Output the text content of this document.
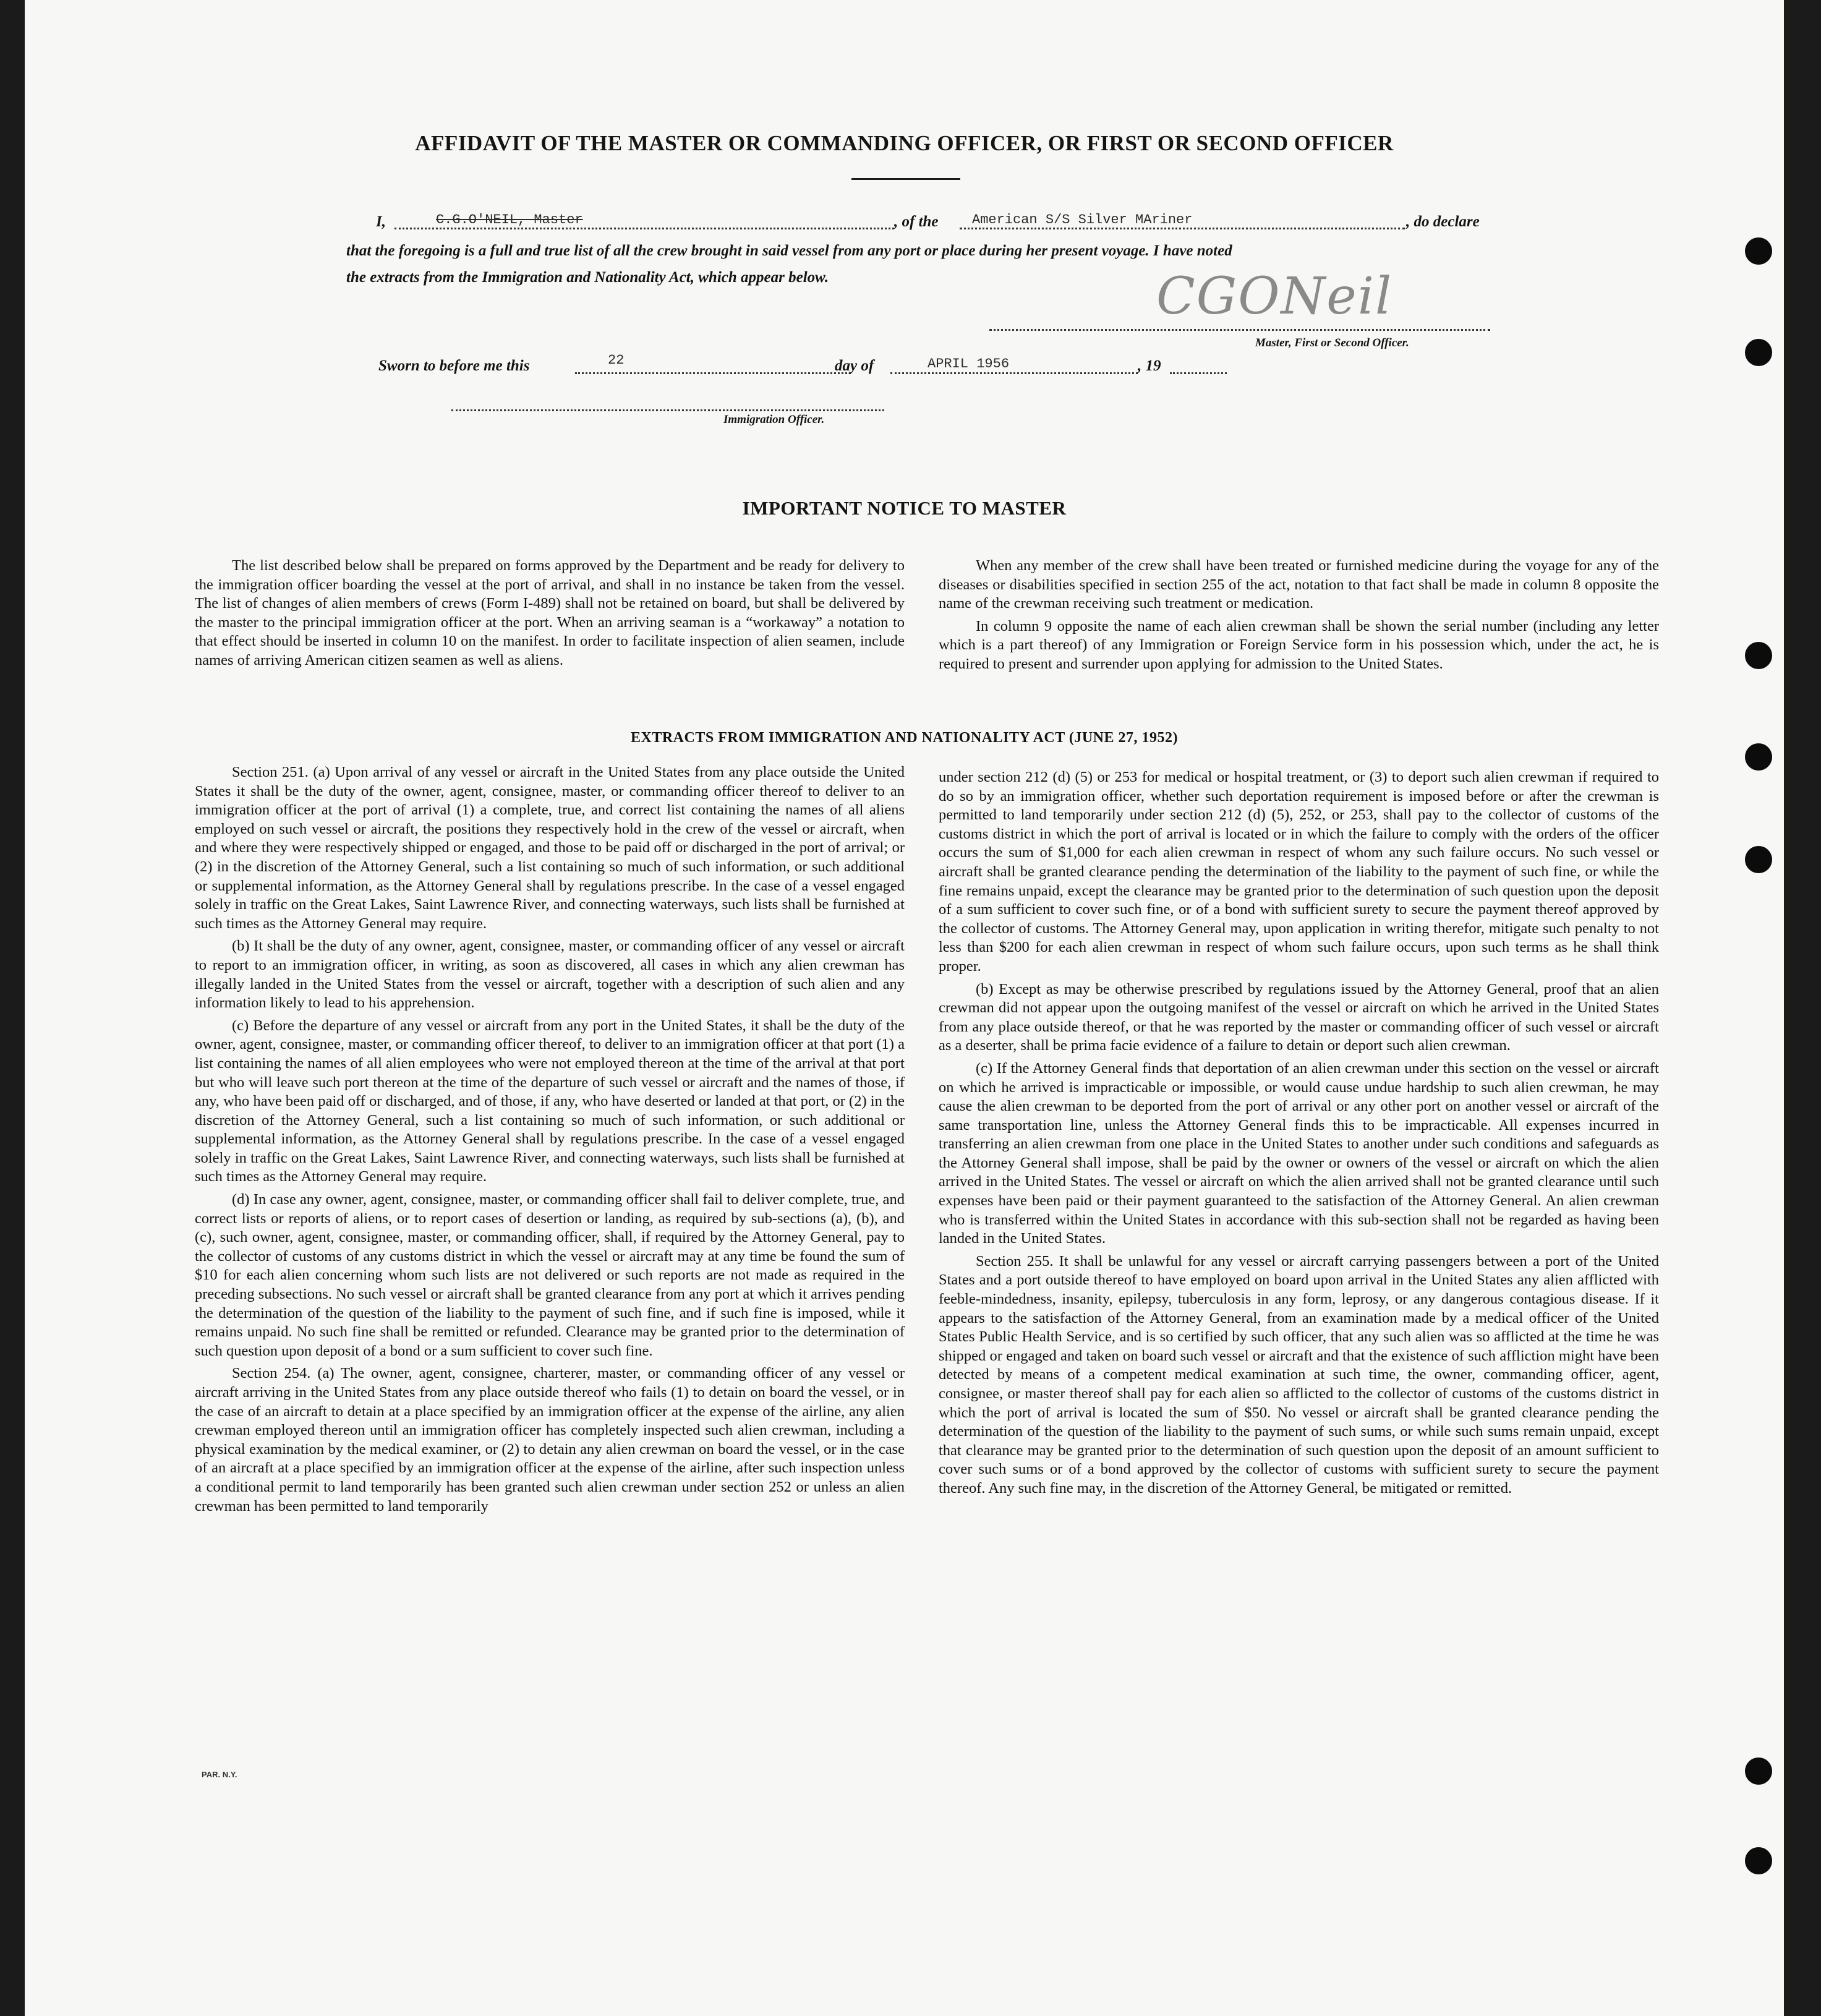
AFFIDAVIT OF THE MASTER OR COMMANDING OFFICER, OR FIRST OR SECOND OFFICER
I,	C.G.O'NEIL, Master	, of the American S/S Silver MAriner	, do declare
that the foregoing is a full and true list of all the crew brought in said vessel from any port or place during her present voyage. I have noted
the extracts from the Immigration and Nationality Act, which appear below.	CGONeil
Master, First or Second Officer.
Sworn to before me this	22	day of	APRIL 1956	, 19
Immigration Officer.
IMPORTANT NOTICE TO MASTER

The list described below shall be prepared on forms approved by the Department and be ready for delivery to the immigration officer boarding the vessel at the port of arrival, and shall in no instance be taken from the vessel. The list of changes of alien members of crews (Form I-489) shall not be retained on board, but shall be delivered by the master to the principal immigration officer at the port. When an arriving seaman is a “workaway” a notation to that effect should be inserted in column 10 on the manifest. In order to facilitate inspection of alien seamen, include names of arriving American citizen seamen as well as aliens.

When any member of the crew shall have been treated or furnished medicine during the voyage for any of the diseases or disabilities specified in section 255 of the act, notation to that fact shall be made in column 8 opposite the name of the crewman receiving such treatment or medication.

In column 9 opposite the name of each alien crewman shall be shown the serial number (including any letter which is a part thereof) of any Immigration or Foreign Service form in his possession which, under the act, he is required to present and surrender upon applying for admission to the United States.

EXTRACTS FROM IMMIGRATION AND NATIONALITY ACT (JUNE 27, 1952)

Section 251. (a) Upon arrival of any vessel or aircraft in the United States from any place outside the United States it shall be the duty of the owner, agent, consignee, master, or commanding officer thereof to deliver to an immigration officer at the port of arrival (1) a complete, true, and correct list containing the names of all aliens employed on such vessel or aircraft, the positions they respectively hold in the crew of the vessel or aircraft, when and where they were respectively shipped or engaged, and those to be paid off or discharged in the port of arrival; or (2) in the discretion of the Attorney General, such a list containing so much of such information, or such additional or supplemental information, as the Attorney General shall by regulations prescribe. In the case of a vessel engaged solely in traffic on the Great Lakes, Saint Lawrence River, and connecting waterways, such lists shall be furnished at such times as the Attorney General may require.

(b) It shall be the duty of any owner, agent, consignee, master, or commanding officer of any vessel or aircraft to report to an immigration officer, in writing, as soon as discovered, all cases in which any alien crewman has illegally landed in the United States from the vessel or aircraft, together with a description of such alien and any information likely to lead to his apprehension.

(c) Before the departure of any vessel or aircraft from any port in the United States, it shall be the duty of the owner, agent, consignee, master, or commanding officer thereof, to deliver to an immigration officer at that port (1) a list containing the names of all alien employees who were not employed thereon at the time of the arrival at that port but who will leave such port thereon at the time of the departure of such vessel or aircraft and the names of those, if any, who have been paid off or discharged, and of those, if any, who have deserted or landed at that port, or (2) in the discretion of the Attorney General, such a list containing so much of such information, or such additional or supplemental information, as the Attorney General shall by regulations prescribe. In the case of a vessel engaged solely in traffic on the Great Lakes, Saint Lawrence River, and connecting waterways, such lists shall be furnished at such times as the Attorney General may require.

(d) In case any owner, agent, consignee, master, or commanding officer shall fail to deliver complete, true, and correct lists or reports of aliens, or to report cases of desertion or landing, as required by sub-sections (a), (b), and (c), such owner, agent, consignee, master, or commanding officer, shall, if required by the Attorney General, pay to the collector of customs of any customs district in which the vessel or aircraft may at any time be found the sum of $10 for each alien concerning whom such lists are not delivered or such reports are not made as required in the preceding subsections. No such vessel or aircraft shall be granted clearance from any port at which it arrives pending the determination of the question of the liability to the payment of such fine, and if such fine is imposed, while it remains unpaid. No such fine shall be remitted or refunded. Clearance may be granted prior to the determination of such question upon deposit of a bond or a sum sufficient to cover such fine.

Section 254. (a) The owner, agent, consignee, charterer, master, or commanding officer of any vessel or aircraft arriving in the United States from any place outside thereof who fails (1) to detain on board the vessel, or in the case of an aircraft to detain at a place specified by an immigration officer at the expense of the airline, any alien crewman employed thereon until an immigration officer has completely inspected such alien crewman, including a physical examination by the medical examiner, or (2) to detain any alien crewman on board the vessel, or in the case of an aircraft at a place specified by an immigration officer at the expense of the airline, after such inspection unless a conditional permit to land temporarily has been granted such alien crewman under section 252 or unless an alien crewman has been permitted to land temporarily

under section 212 (d) (5) or 253 for medical or hospital treatment, or (3) to deport such alien crewman if required to do so by an immigration officer, whether such deportation requirement is imposed before or after the crewman is permitted to land temporarily under section 212 (d) (5), 252, or 253, shall pay to the collector of customs of the customs district in which the port of arrival is located or in which the failure to comply with the orders of the officer occurs the sum of $1,000 for each alien crewman in respect of whom any such failure occurs. No such vessel or aircraft shall be granted clearance pending the determination of the liability to the payment of such fine, or while the fine remains unpaid, except the clearance may be granted prior to the determination of such question upon the deposit of a sum sufficient to cover such fine, or of a bond with sufficient surety to secure the payment thereof approved by the collector of customs. The Attorney General may, upon application in writing therefor, mitigate such penalty to not less than $200 for each alien crewman in respect of whom such failure occurs, upon such terms as he shall think proper.

(b) Except as may be otherwise prescribed by regulations issued by the Attorney General, proof that an alien crewman did not appear upon the outgoing manifest of the vessel or aircraft on which he arrived in the United States from any place outside thereof, or that he was reported by the master or commanding officer of such vessel or aircraft as a deserter, shall be prima facie evidence of a failure to detain or deport such alien crewman.

(c) If the Attorney General finds that deportation of an alien crewman under this section on the vessel or aircraft on which he arrived is impracticable or impossible, or would cause undue hardship to such alien crewman, he may cause the alien crewman to be deported from the port of arrival or any other port on another vessel or aircraft of the same transportation line, unless the Attorney General finds this to be impracticable. All expenses incurred in transferring an alien crewman from one place in the United States to another under such conditions and safeguards as the Attorney General shall impose, shall be paid by the owner or owners of the vessel or aircraft on which the alien arrived in the United States. The vessel or aircraft on which the alien arrived shall not be granted clearance until such expenses have been paid or their payment guaranteed to the satisfaction of the Attorney General. An alien crewman who is transferred within the United States in accordance with this sub-section shall not be regarded as having been landed in the United States.

Section 255. It shall be unlawful for any vessel or aircraft carrying passengers between a port of the United States and a port outside thereof to have employed on board upon arrival in the United States any alien afflicted with feeble-mindedness, insanity, epilepsy, tuberculosis in any form, leprosy, or any dangerous contagious disease. If it appears to the satisfaction of the Attorney General, from an examination made by a medical officer of the United States Public Health Service, and is so certified by such officer, that any such alien was so afflicted at the time he was shipped or engaged and taken on board such vessel or aircraft and that the existence of such affliction might have been detected by means of a competent medical examination at such time, the owner, commanding officer, agent, consignee, or master thereof shall pay for each alien so afflicted to the collector of customs of the customs district in which the port of arrival is located the sum of $50. No vessel or aircraft shall be granted clearance pending the determination of the question of the liability to the payment of such sums, or while such sums remain unpaid, except that clearance may be granted prior to the determination of such question upon the deposit of an amount sufficient to cover such sums or of a bond approved by the collector of customs with sufficient surety to secure the payment thereof. Any such fine may, in the discretion of the Attorney General, be mitigated or remitted.

PAR. N.Y.
